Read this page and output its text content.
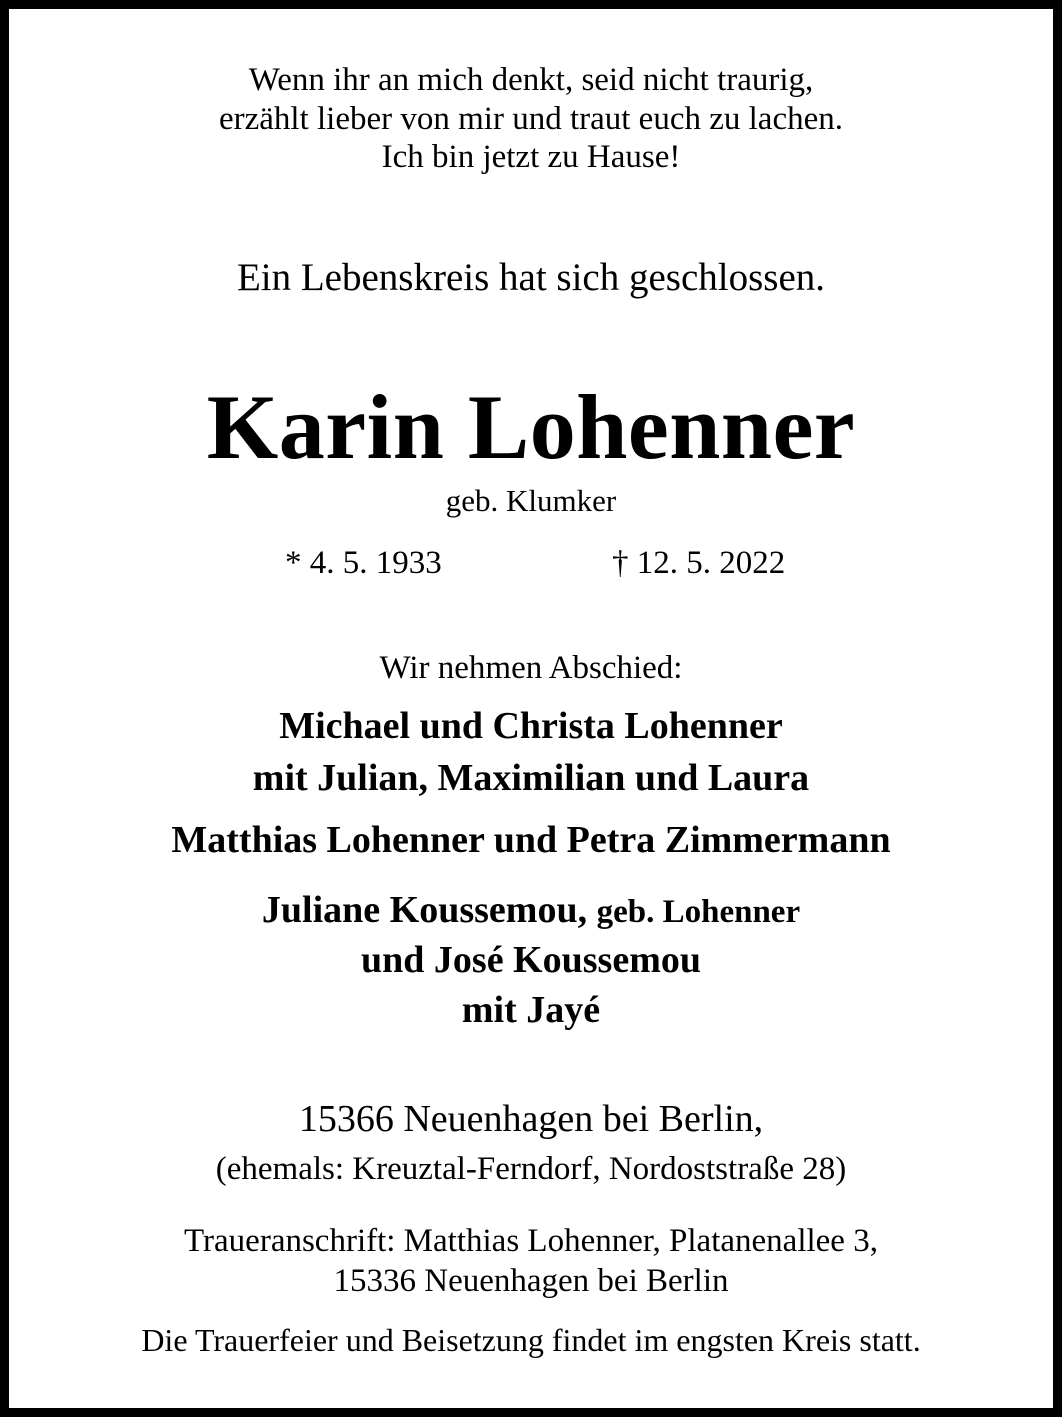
Wenn ihr an mich denkt, seid nicht traurig,
erzählt lieber von mir und traut euch zu lachen.
Ich bin jetzt zu Hause!
Ein Lebenskreis hat sich geschlossen.
Karin Lohenner
geb. Klumker
* 4. 5. 1933	† 12. 5. 2022
Wir nehmen Abschied:
Michael und Christa Lohenner
mit Julian, Maximilian und Laura
Matthias Lohenner und Petra Zimmermann
Juliane Koussemou, geb. Lohenner
und José Koussemou
mit Jayé
15366 Neuenhagen bei Berlin,
(ehemals: Kreuztal-Ferndorf, Nordoststraße 28)
Traueranschrift: Matthias Lohenner, Platanenallee 3,
15336 Neuenhagen bei Berlin
Die Trauerfeier und Beisetzung findet im engsten Kreis statt.
